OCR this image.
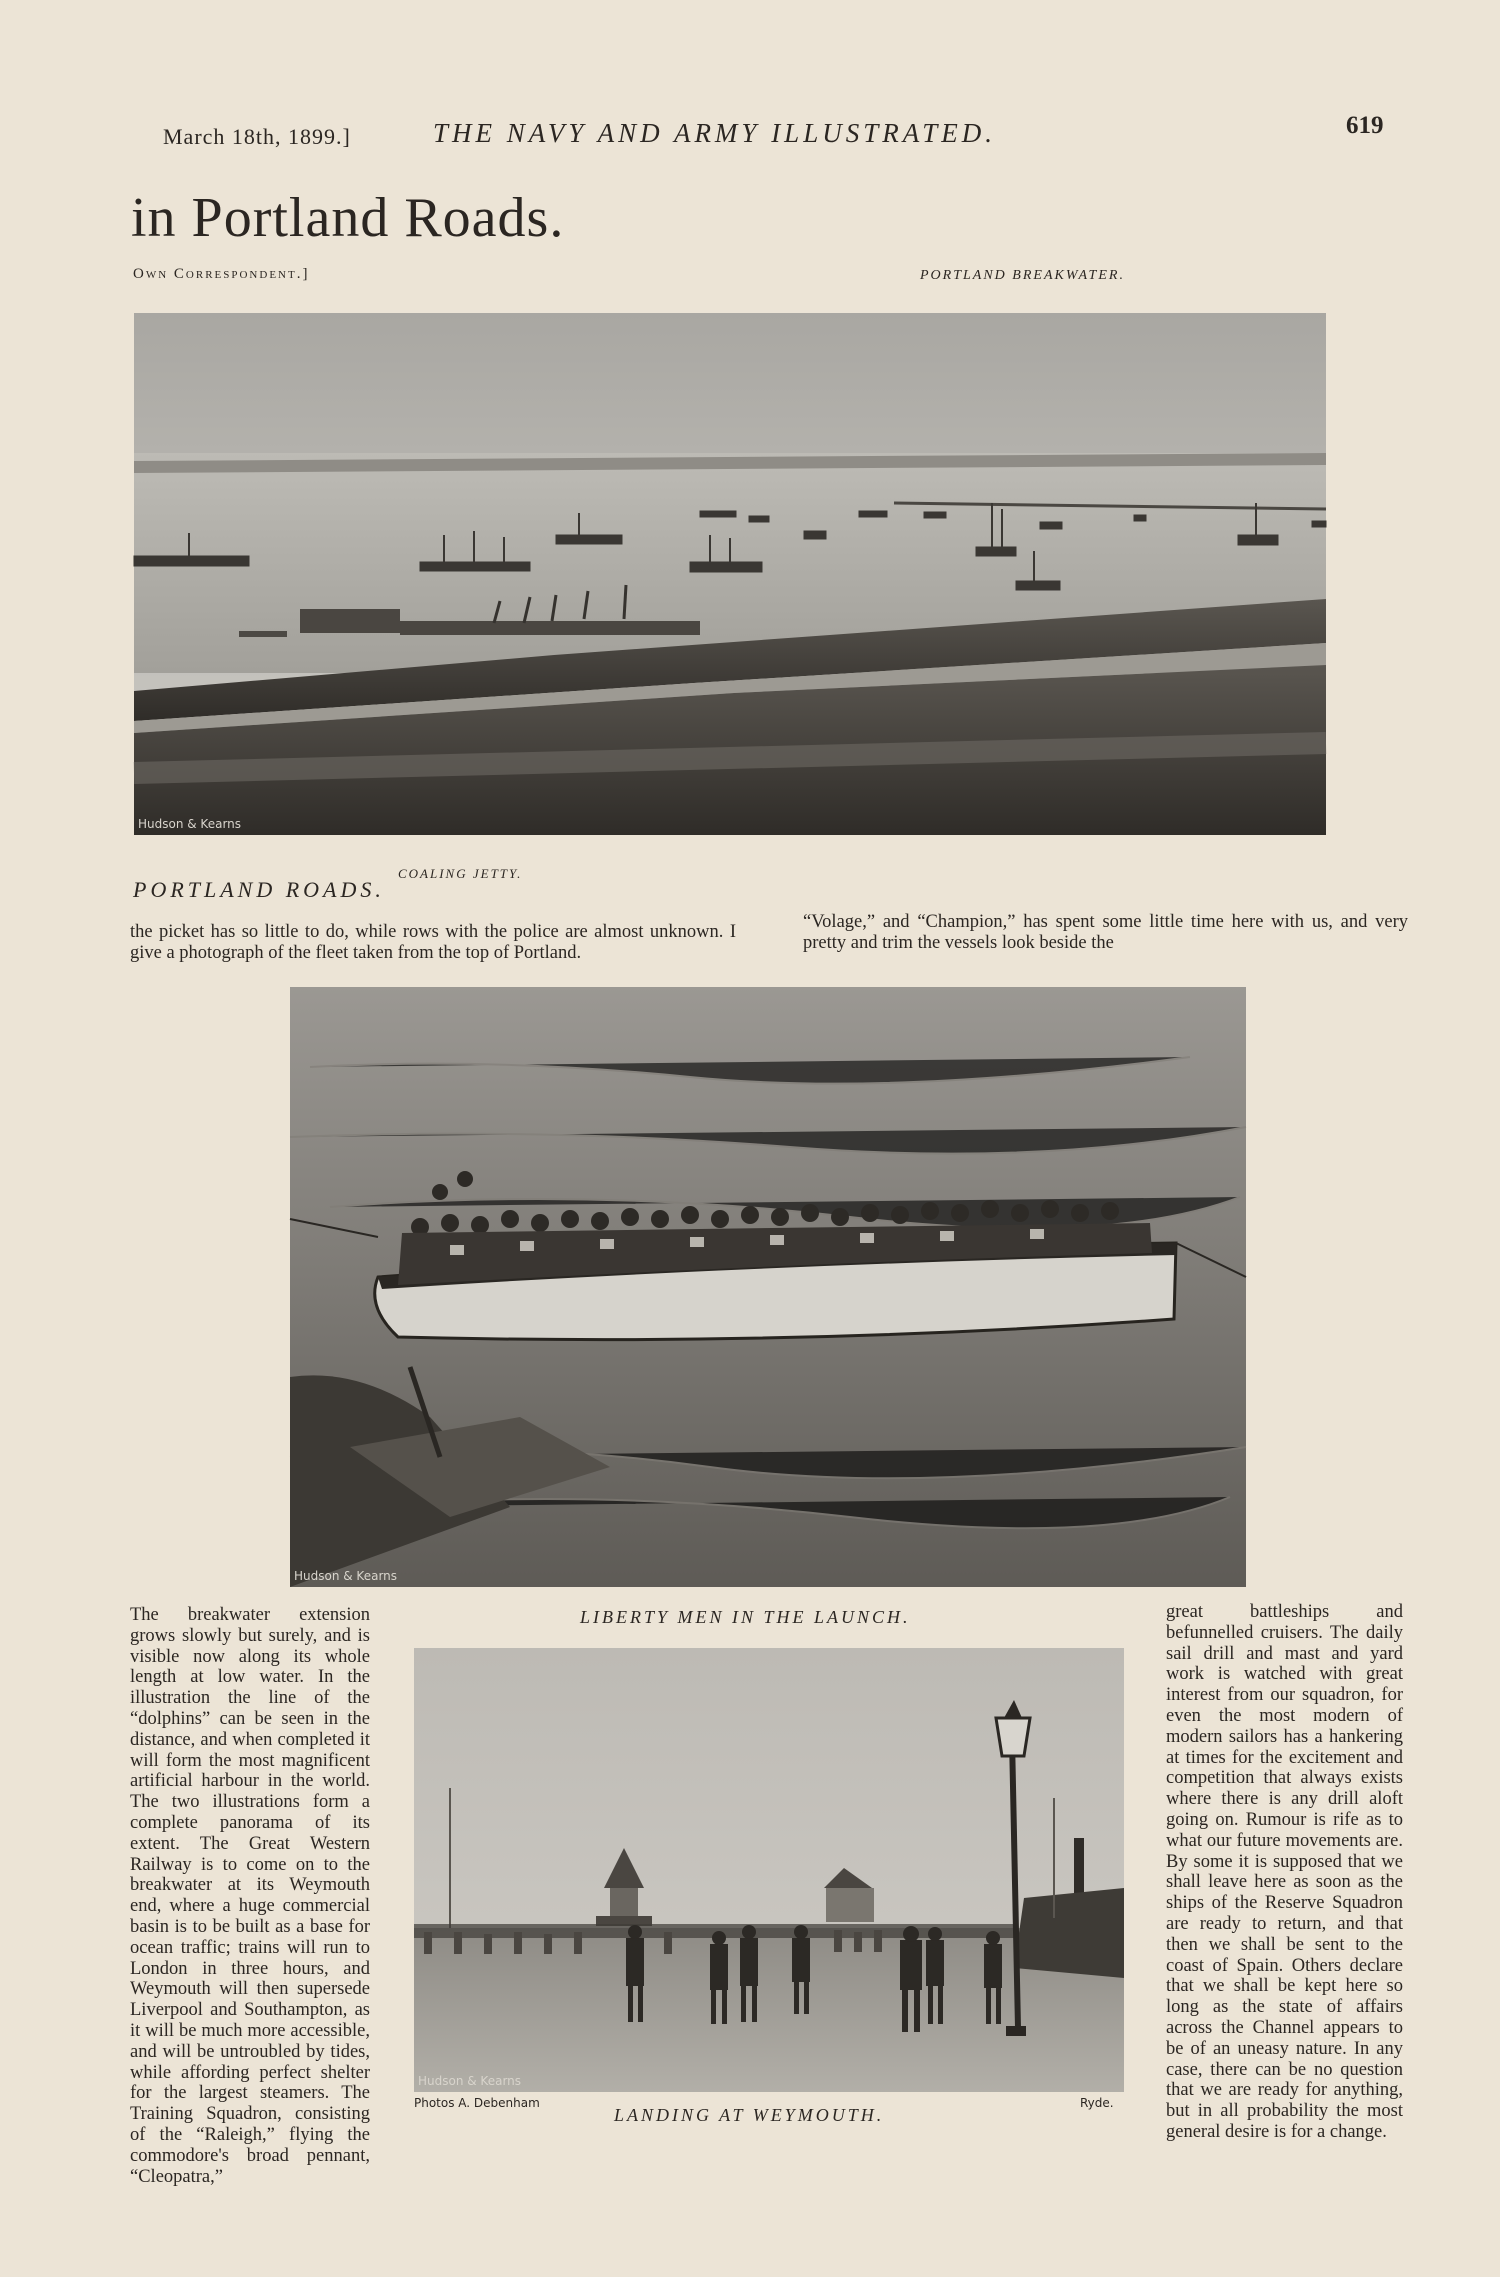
March 18th, 1899.]	THE NAVY AND ARMY ILLUSTRATED.	619
in Portland Roads.
Own Correspondent.]	PORTLAND BREAKWATER.
Hudson & Kearns
PORTLAND ROADS.
COALING JETTY.
the picket has so little to do, while rows with the police are almost unknown. I give a photograph of the fleet taken from the top of Portland.
“Volage,” and “Champion,” has spent some little time here with us, and very pretty and trim the vessels look beside the
The breakwater extension grows slowly but surely, and is visible now along its whole length at low water. In the illustration the line of the “dolphins” can be seen in the distance, and when completed it will form the most magnificent artificial harbour in the world. The two illustrations form a complete panorama of its extent. The Great Western Railway is to come on to the breakwater at its Weymouth end, where a huge commercial basin is to be built as a base for ocean traffic; trains will run to London in three hours, and Weymouth will then supersede Liverpool and Southampton, as it will be much more accessible, and will be untroubled by tides, while affording perfect shelter for the largest steamers. The Training Squadron, consisting of the “Raleigh,” flying the commodore's broad pennant, “Cleopatra,”
Hudson & Kearns
LIBERTY MEN IN THE LAUNCH.	great battleships and befunnelled cruisers. The daily sail drill and mast and yard work is watched with great interest from our squadron, for even the most modern of modern sailors has a hankering at times for the excitement and competition that always exists where there is any drill aloft going on. Rumour is rife as to what our future movements are. By some it is supposed that we shall leave here as soon as the ships of the Reserve Squadron are ready to return, and that then we shall be sent to the coast of Spain. Others declare that we shall be kept here so long as the state of affairs across the Channel appears to be of an uneasy nature. In any case, there can be no question that we are ready for anything, but in all probability the most general desire is for a change.
Hudson & Kearns
Photos A. Debenham	Ryde.
LANDING AT WEYMOUTH.
